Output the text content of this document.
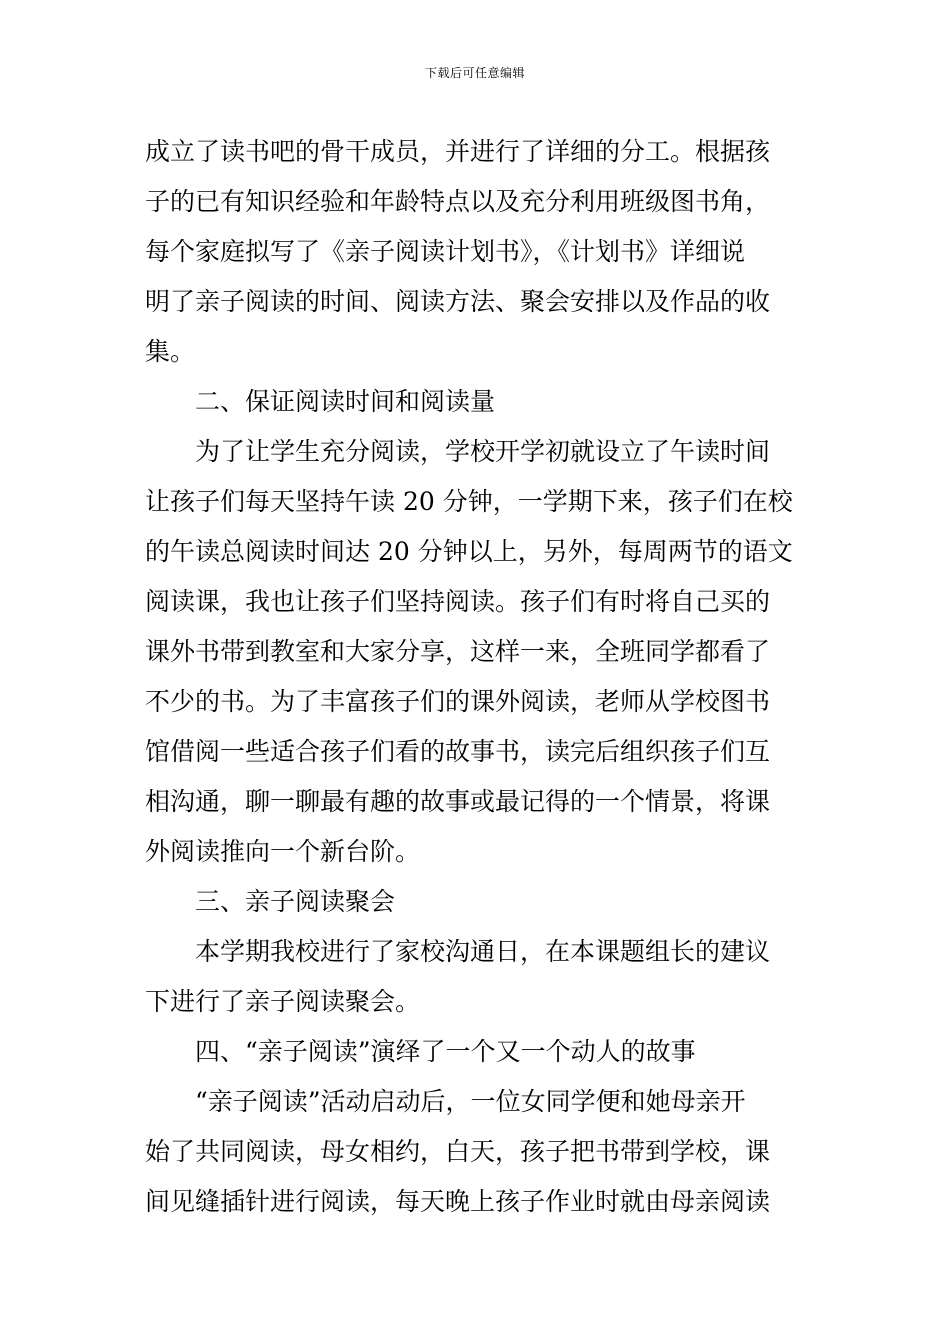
下载后可任意编辑
成立了读书吧的骨干成员，并进行了详细的分工。根据孩
子的已有知识经验和年龄特点以及充分利用班级图书角，
每个家庭拟写了《亲子阅读计划书》，《计划书》详细说
明了亲子阅读的时间、阅读方法、聚会安排以及作品的收
集。
二、保证阅读时间和阅读量
为了让学生充分阅读，学校开学初就设立了午读时间
让孩子们每天坚持午读 20 分钟，一学期下来，孩子们在校
的午读总阅读时间达 20 分钟以上，另外，每周两节的语文
阅读课，我也让孩子们坚持阅读。孩子们有时将自己买的
课外书带到教室和大家分享，这样一来，全班同学都看了
不少的书。为了丰富孩子们的课外阅读，老师从学校图书
馆借阅一些适合孩子们看的故事书，读完后组织孩子们互
相沟通，聊一聊最有趣的故事或最记得的一个情景，将课
外阅读推向一个新台阶。
三、亲子阅读聚会
本学期我校进行了家校沟通日，在本课题组长的建议
下进行了亲子阅读聚会。
四、“亲子阅读”演绎了一个又一个动人的故事
“亲子阅读”活动启动后，一位女同学便和她母亲开
始了共同阅读，母女相约，白天，孩子把书带到学校，课
间见缝插针进行阅读，每天晚上孩子作业时就由母亲阅读
